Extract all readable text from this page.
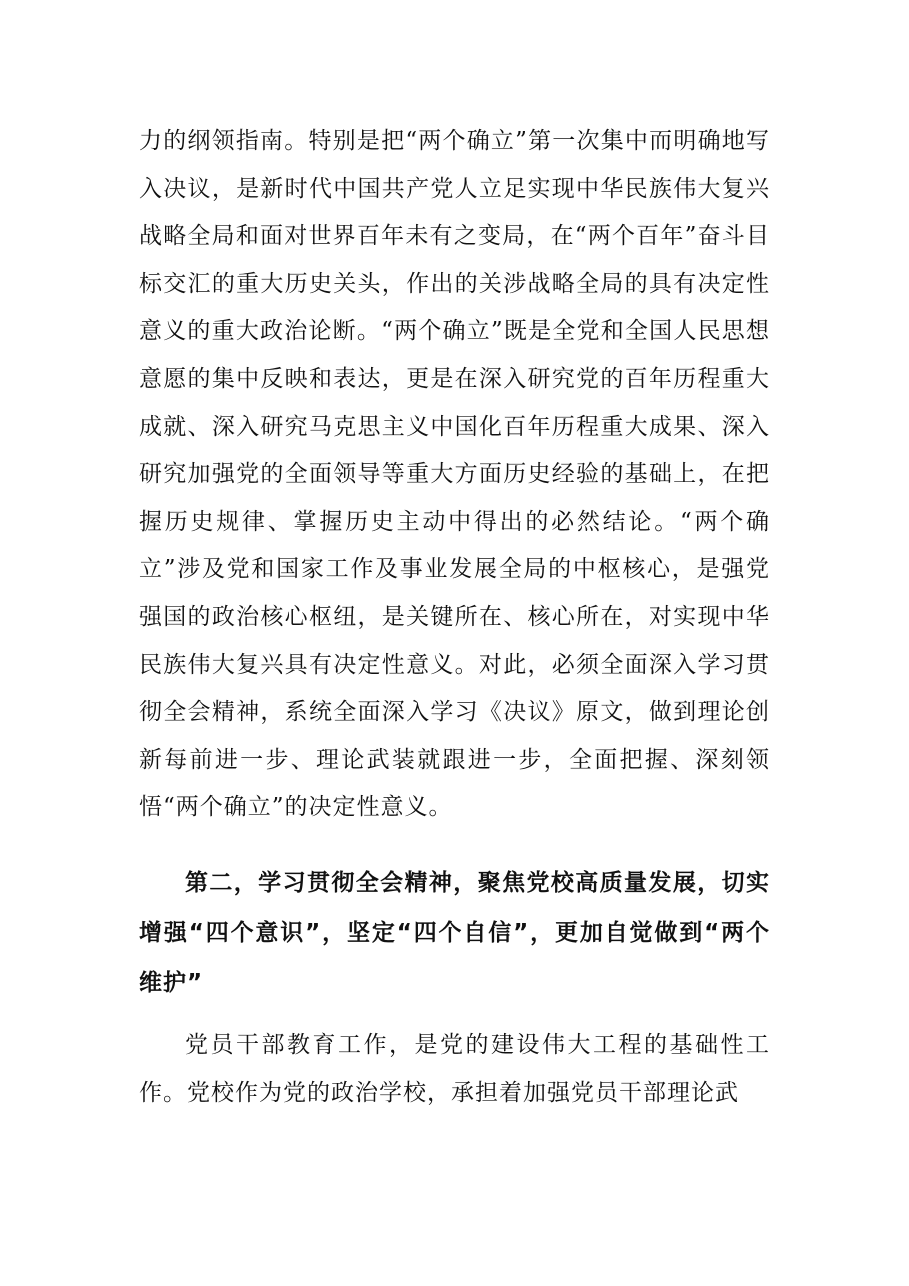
力的纲领指南。特别是把“两个确立”第一次集中而明确地写入决议，是新时代中国共产党人立足实现中华民族伟大复兴战略全局和面对世界百年未有之变局，在“两个百年”奋斗目标交汇的重大历史关头，作出的关涉战略全局的具有决定性意义的重大政治论断。“两个确立”既是全党和全国人民思想意愿的集中反映和表达，更是在深入研究党的百年历程重大成就、深入研究马克思主义中国化百年历程重大成果、深入研究加强党的全面领导等重大方面历史经验的基础上，在把握历史规律、掌握历史主动中得出的必然结论。“两个确立”涉及党和国家工作及事业发展全局的中枢核心，是强党强国的政治核心枢纽，是关键所在、核心所在，对实现中华民族伟大复兴具有决定性意义。对此，必须全面深入学习贯彻全会精神，系统全面深入学习《决议》原文，做到理论创新每前进一步、理论武装就跟进一步，全面把握、深刻领悟“两个确立”的决定性意义。

第二，学习贯彻全会精神，聚焦党校高质量发展，切实增强“四个意识”，坚定“四个自信”，更加自觉做到“两个维护”

党员干部教育工作，是党的建设伟大工程的基础性工作。党校作为党的政治学校，承担着加强党员干部理论武
